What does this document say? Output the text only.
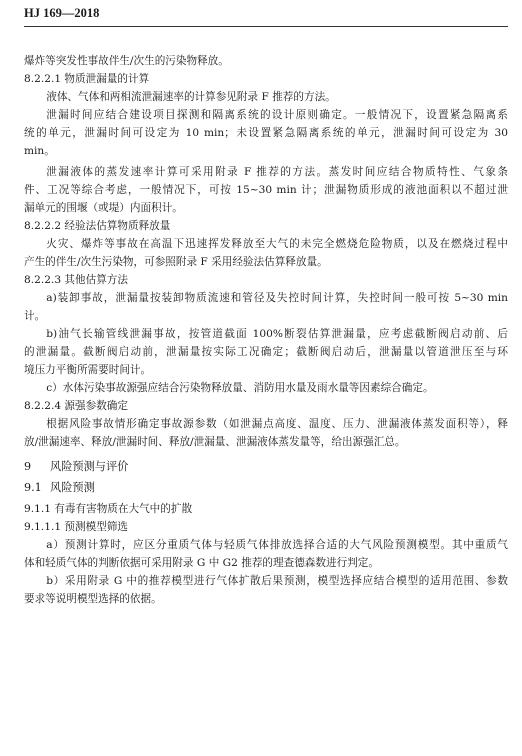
HJ 169—2018

爆炸等突发性事故伴生/次生的污染物释放。

8.2.2.1 物质泄漏量的计算

液体、气体和两相流泄漏速率的计算参见附录 F 推荐的方法。

泄漏时间应结合建设项目探测和隔离系统的设计原则确定。一般情况下，设置紧急隔离系

统的单元，泄漏时间可设定为 10 min；未设置紧急隔离系统的单元，泄漏时间可设定为 30

min。

泄漏液体的蒸发速率计算可采用附录 F 推荐的方法。蒸发时间应结合物质特性、气象条

件、工况等综合考虑，一般情况下，可按 15~30 min 计；泄漏物质形成的液池面积以不超过泄

漏单元的围堰（或堤）内面积计。

8.2.2.2 经验法估算物质释放量

火灾、爆炸等事故在高温下迅速挥发释放至大气的未完全燃烧危险物质，以及在燃烧过程中

产生的伴生/次生污染物，可参照附录 F 采用经验法估算释放量。

8.2.2.3 其他估算方法

a)装卸事故，泄漏量按装卸物质流速和管径及失控时间计算，失控时间一般可按 5~30 min

计。

b)油气长输管线泄漏事故，按管道截面 100%断裂估算泄漏量，应考虑截断阀启动前、后

的泄漏量。截断阀启动前，泄漏量按实际工况确定；截断阀启动后，泄漏量以管道泄压至与环

境压力平衡所需要时间计。

c）水体污染事故源强应结合污染物释放量、消防用水量及雨水量等因素综合确定。

8.2.2.4 源强参数确定

根据风险事故情形确定事故源参数（如泄漏点高度、温度、压力、泄漏液体蒸发面积等），释

放/泄漏速率、释放/泄漏时间、释放/泄漏量、泄漏液体蒸发量等，给出源强汇总。

9 风险预测与评价

9.1 风险预测

9.1.1 有毒有害物质在大气中的扩散

9.1.1.1 预测模型筛选

a）预测计算时，应区分重质气体与轻质气体排放选择合适的大气风险预测模型。其中重质气

体和轻质气体的判断依据可采用附录 G 中 G2 推荐的理查德森数进行判定。

b）采用附录 G 中的推荐模型进行气体扩散后果预测，模型选择应结合模型的适用范围、参数

要求等说明模型选择的依据。
